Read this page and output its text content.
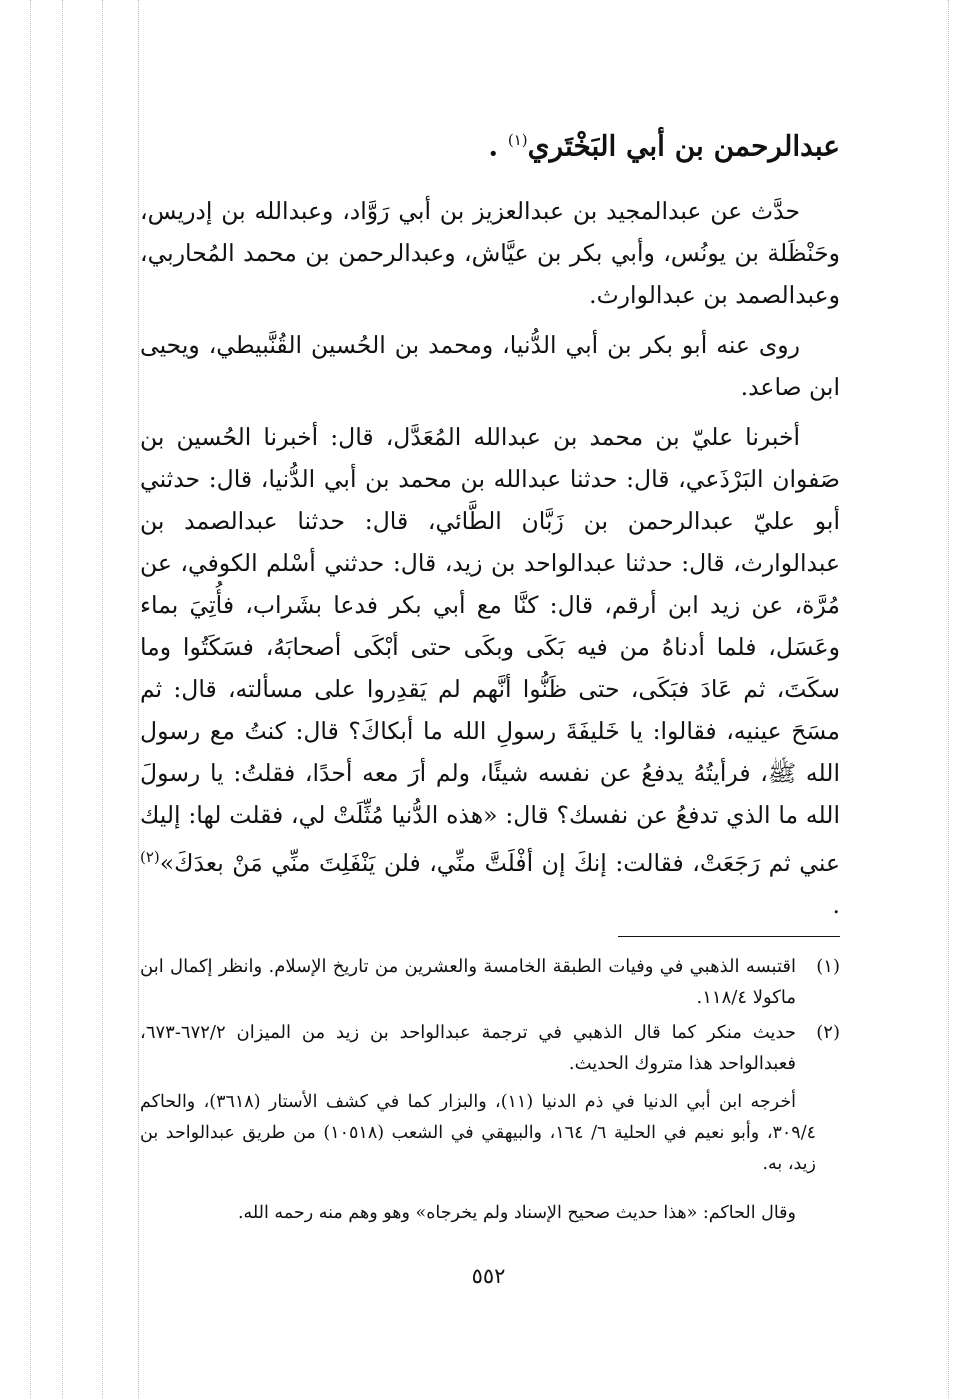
عبدالرحمن بن أبي البَخْتَري$^{(١)}$ .

حدَّث عن عبدالمجيد بن عبدالعزيز بن أبي رَوَّاد، وعبدالله بن إدريس، وحَنْظَلة بن يونُس، وأبي بكر بن عيَّاش، وعبدالرحمن بن محمد المُحاربي، وعبدالصمد بن عبدالوارث.

روى عنه أبو بكر بن أبي الدُّنيا، ومحمد بن الحُسين القُنَّبيطي، ويحيى ابن صاعد.

أخبرنا عليّ بن محمد بن عبدالله المُعَدَّل، قال: أخبرنا الحُسين بن صَفوان البَرْذَعي، قال: حدثنا عبدالله بن محمد بن أبي الدُّنيا، قال: حدثني أبو عليّ عبدالرحمن بن زَبَّان الطَّائي، قال: حدثنا عبدالصمد بن عبدالوارث، قال: حدثنا عبدالواحد بن زيد، قال: حدثني أسْلم الكوفي، عن مُرَّة، عن زيد ابن أرقم، قال: كنَّا مع أبي بكر فدعا بشَراب، فأُتِيَ بماء وعَسَل، فلما أدناهُ من فيه بَكَى وبكَى حتى أبْكَى أصحابَهُ، فسَكَتُوا وما سكَتَ، ثم عَادَ فبَكَى، حتى ظَنُّوا أنَّهم لم يَقدِروا على مسألته، قال: ثم مسَحَ عينيه، فقالوا: يا خَليفَةَ رسولِ الله ما أبكاكَ؟ قال: كنتُ مع رسول الله ﷺ، فرأيتُهُ يدفعُ عن نفسه شيئًا، ولم أرَ معه أحدًا، فقلتُ: يا رسولَ الله ما الذي تدفعُ عن نفسك؟ قال: «هذه الدُّنيا مُثِّلَتْ لي، فقلت لها: إليك عني ثم رَجَعَتْ، فقالت: إنكَ إن أفْلَتَّ منِّي، فلن يَنْفَلِتَ منِّي مَنْ بعدَكَ»$^{(٢)}$ .

(١)
اقتبسه الذهبي في وفيات الطبقة الخامسة والعشرين من تاريخ الإسلام. وانظر إكمال ابن ماكولا ١١٨/٤.
(٢)
حديث منكر كما قال الذهبي في ترجمة عبدالواحد بن زيد من الميزان ٦٧٢/٢-٦٧٣، فعبدالواحد هذا متروك الحديث.

أخرجه ابن أبي الدنيا في ذم الدنيا (١١)، والبزار كما في كشف الأستار (٣٦١٨)، والحاكم ٣٠٩/٤، وأبو نعيم في الحلية ٦/ ١٦٤، والبيهقي في الشعب (١٠٥١٨) من طريق عبدالواحد بن زيد، به.

وقال الحاكم: «هذا حديث صحيح الإسناد ولم يخرجاه» وهو وهم منه رحمه الله.

٥٥٢
